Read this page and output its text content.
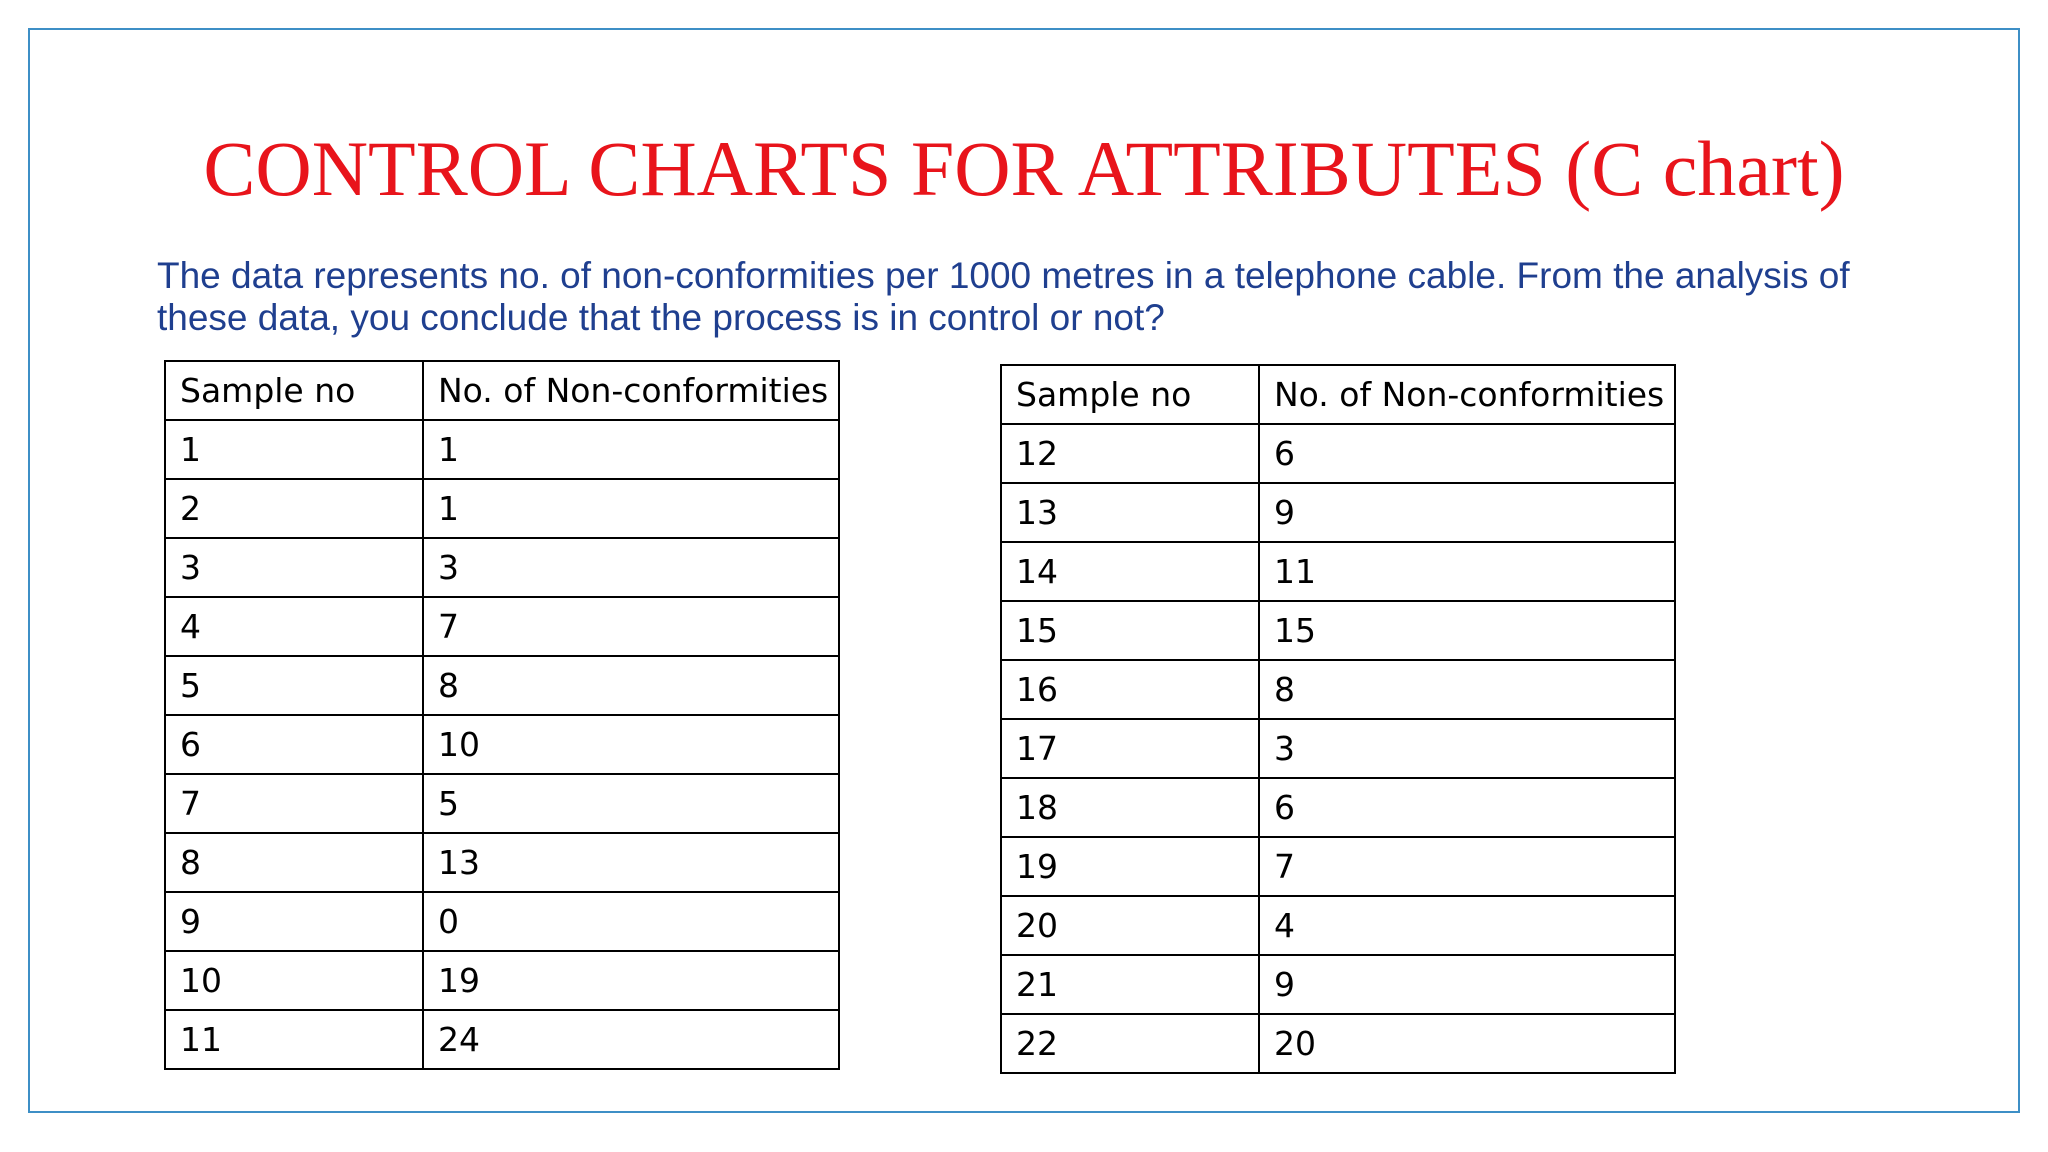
CONTROL CHARTS FOR ATTRIBUTES (C chart)
The data represents no. of non-conformities per 1000 metres in a telephone cable. From the analysis of these data, you conclude that the process is in control or not?
Sample no	No. of Non-conformities
1	1
2	1
3	3
4	7
5	8
6	10
7	5
8	13
9	0
10	19
11	24
Sample no	No. of Non-conformities
12	6
13	9
14	11
15	15
16	8
17	3
18	6
19	7
20	4
21	9
22	20
